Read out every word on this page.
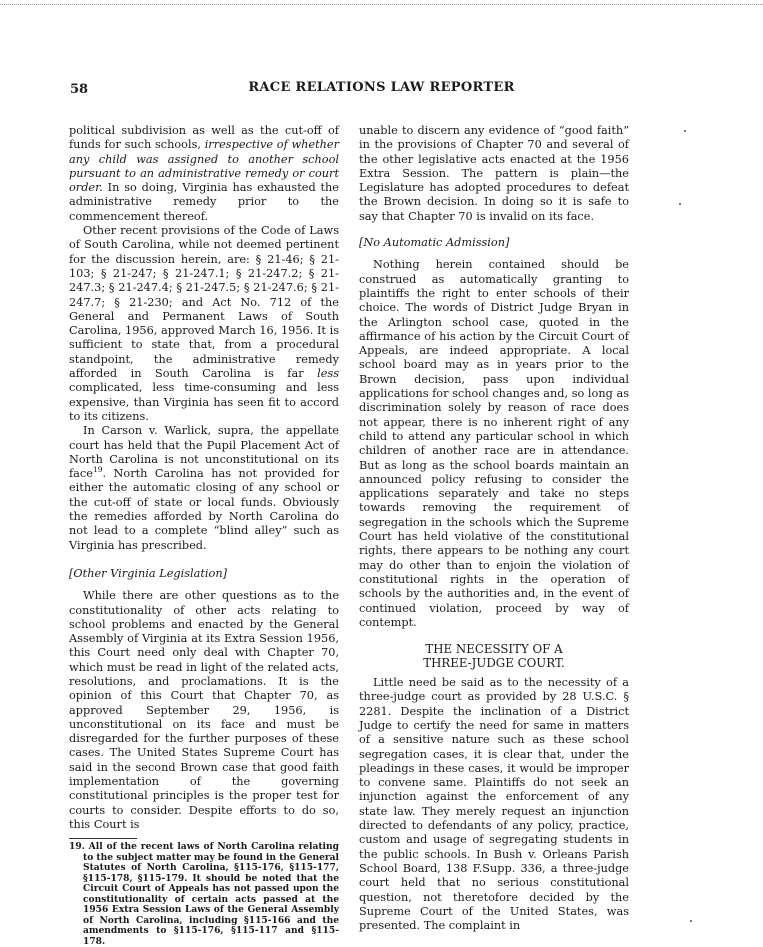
58	RACE RELATIONS LAW REPORTER

political subdivision as well as the cut-off of funds for such schools, irrespective of whether any child was assigned to another school pursuant to an administrative remedy or court order. In so doing, Virginia has exhausted the administrative remedy prior to the commencement thereof.

Other recent provisions of the Code of Laws of South Carolina, while not deemed pertinent for the discussion herein, are: § 21-46; § 21-103; § 21-247; § 21-247.1; § 21-247.2; § 21-247.3; § 21-247.4; § 21-247.5; § 21-247.6; § 21-247.7; § 21-230; and Act No. 712 of the General and Permanent Laws of South Carolina, 1956, approved March 16, 1956. It is sufficient to state that, from a procedural standpoint, the administrative remedy afforded in South Carolina is far less complicated, less time-consuming and less expensive, than Virginia has seen fit to accord to its citizens.

In Carson v. Warlick, supra, the appellate court has held that the Pupil Placement Act of North Carolina is not unconstitutional on its face$^{19}$. North Carolina has not provided for either the automatic closing of any school or the cut-off of state or local funds. Obviously the remedies afforded by North Carolina do not lead to a complete “blind alley” such as Virginia has prescribed.

[Other Virginia Legislation]

While there are other questions as to the constitutionality of other acts relating to school problems and enacted by the General Assembly of Virginia at its Extra Session 1956, this Court need only deal with Chapter 70, which must be read in light of the related acts, resolutions, and proclamations. It is the opinion of this Court that Chapter 70, as approved September 29, 1956, is unconstitutional on its face and must be disregarded for the further purposes of these cases. The United States Supreme Court has said in the second Brown case that good faith implementation of the governing constitutional principles is the proper test for courts to consider. Despite efforts to do so, this Court is

19. All of the recent laws of North Carolina relating to the subject matter may be found in the General Statutes of North Carolina, §115-176, §115-177, §115-178, §115-179. It should be noted that the Circuit Court of Appeals has not passed upon the constitutionality of certain acts passed at the 1956 Extra Session Laws of the General Assembly of North Carolina, including §115-166 and the amendments to §115-176, §115-117 and §115-178.

unable to discern any evidence of “good faith” in the provisions of Chapter 70 and several of the other legislative acts enacted at the 1956 Extra Session. The pattern is plain—the Legislature has adopted procedures to defeat the Brown decision. In doing so it is safe to say that Chapter 70 is invalid on its face.

[No Automatic Admission]

Nothing herein contained should be construed as automatically granting to plaintiffs the right to enter schools of their choice. The words of District Judge Bryan in the Arlington school case, quoted in the affirmance of his action by the Circuit Court of Appeals, are indeed appropriate. A local school board may as in years prior to the Brown decision, pass upon individual applications for school changes and, so long as discrimination solely by reason of race does not appear, there is no inherent right of any child to attend any particular school in which children of another race are in attendance. But as long as the school boards maintain an announced policy refusing to consider the applications separately and take no steps towards removing the requirement of segregation in the schools which the Supreme Court has held violative of the constitutional rights, there appears to be nothing any court may do other than to enjoin the violation of constitutional rights in the operation of schools by the authorities and, in the event of continued violation, proceed by way of contempt.

THE NECESSITY OF A
THREE-JUDGE COURT.

Little need be said as to the necessity of a three-judge court as provided by 28 U.S.C. § 2281. Despite the inclination of a District Judge to certify the need for same in matters of a sensitive nature such as these school segregation cases, it is clear that, under the pleadings in these cases, it would be improper to convene same. Plaintiffs do not seek an injunction against the enforcement of any state law. They merely request an injunction directed to defendants of any policy, practice, custom and usage of segregating students in the public schools. In Bush v. Orleans Parish School Board, 138 F.Supp. 336, a three-judge court held that no serious constitutional question, not theretofore decided by the Supreme Court of the United States, was presented. The complaint in
